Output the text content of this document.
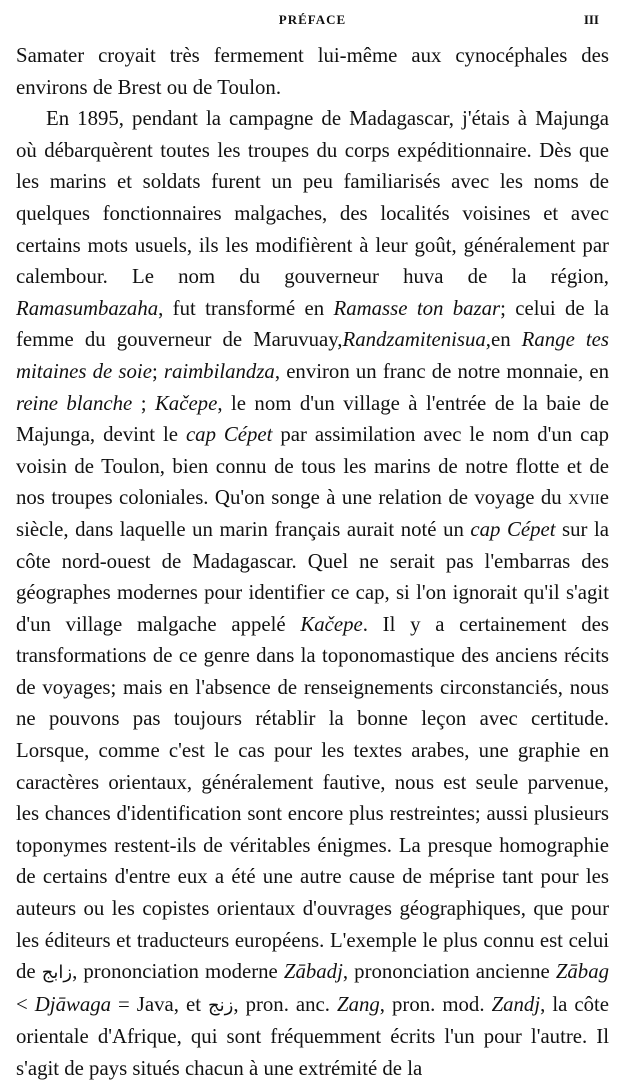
PRÉFACE	III

Samater croyait très fermement lui-même aux cynocéphales des environs de Brest ou de Toulon.

En 1895, pendant la campagne de Madagascar, j'étais à Majunga où débarquèrent toutes les troupes du corps expéditionnaire. Dès que les marins et soldats furent un peu familiarisés avec les noms de quelques fonctionnaires malgaches, des localités voisines et avec certains mots usuels, ils les modifièrent à leur goût, généralement par calembour. Le nom du gouverneur huva de la région, Ramasumbazaha, fut transformé en Ramasse ton bazar; celui de la femme du gouverneur de Maruvuay,Randzamitenisua,en Range tes mitaines de soie; raimbilandza, environ un franc de notre monnaie, en reine blanche ; Kačepe, le nom d'un village à l'entrée de la baie de Majunga, devint le cap Cépet par assimilation avec le nom d'un cap voisin de Toulon, bien connu de tous les marins de notre flotte et de nos troupes coloniales. Qu'on songe à une relation de voyage du xviie siècle, dans laquelle un marin français aurait noté un cap Cépet sur la côte nord-ouest de Madagascar. Quel ne serait pas l'embarras des géographes modernes pour identifier ce cap, si l'on ignorait qu'il s'agit d'un village malgache appelé Kačepe. Il y a certainement des transformations de ce genre dans la toponomastique des anciens récits de voyages; mais en l'absence de renseignements circonstanciés, nous ne pouvons pas toujours rétablir la bonne leçon avec certitude. Lorsque, comme c'est le cas pour les textes arabes, une graphie en caractères orientaux, généralement fautive, nous est seule parvenue, les chances d'identification sont encore plus restreintes; aussi plusieurs toponymes restent-ils de véritables énigmes. La presque homographie de certains d'entre eux a été une autre cause de méprise tant pour les auteurs ou les copistes orientaux d'ouvrages géographiques, que pour les éditeurs et traducteurs européens. L'exemple le plus connu est celui de زابج, prononciation moderne Zābadj, prononciation ancienne Zābag < Djāwaga = Java, et زنج, pron. anc. Zang, pron. mod. Zandj, la côte orientale d'Afrique, qui sont fréquemment écrits l'un pour l'autre. Il s'agit de pays situés chacun à une extrémité de la
